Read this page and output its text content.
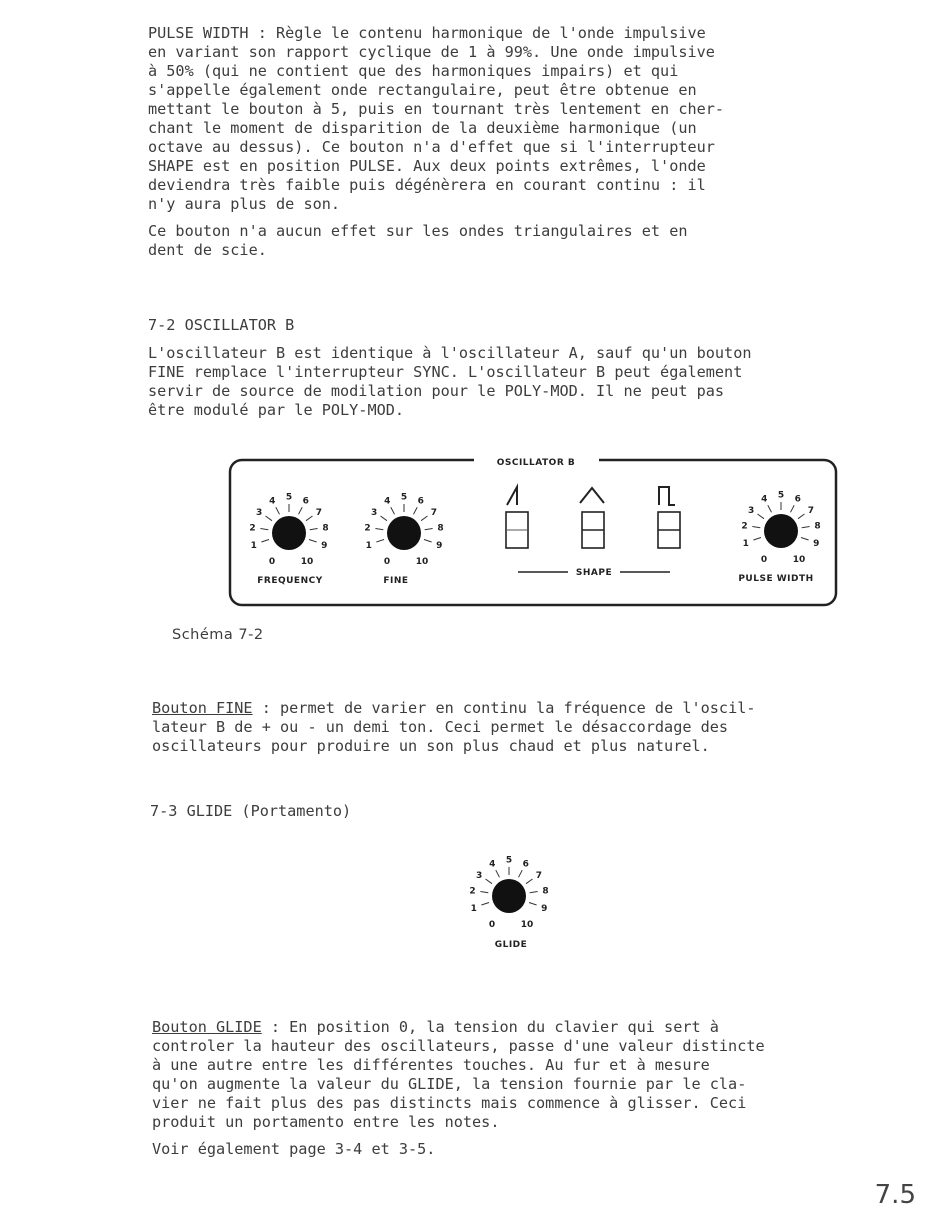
PULSE WIDTH : Règle le contenu harmonique de l'onde impulsive

en variant son rapport cyclique de 1 à 99%. Une onde impulsive

à 50% (qui ne contient que des harmoniques impairs) et qui

s'appelle également onde rectangulaire, peut être obtenue en

mettant le bouton à 5, puis en tournant très lentement en cher-

chant le moment de disparition de la deuxième harmonique (un

octave au dessus). Ce bouton n'a d'effet que si l'interrupteur

SHAPE est en position PULSE. Aux deux points extrêmes, l'onde

deviendra très faible puis dégénèrera en courant continu : il

n'y aura plus de son.

Ce bouton n'a aucun effet sur les ondes triangulaires et en

dent de scie.

7-2 OSCILLATOR B

L'oscillateur B est identique à l'oscillateur A, sauf qu'un bouton

FINE remplace l'interrupteur SYNC. L'oscillateur B peut également

servir de source de modilation pour le POLY-MOD. Il ne peut pas

être modulé par le POLY-MOD.

OSCILLATOR B
0
1
2
3
4 5 6
7
8
9
10
FREQUENCY
0
1
2
3
4 5 6
7
8
9
10
FINE
SHAPE
0
1
2
3
4 5 6
7
8
9
10
PULSE WIDTH

Schéma 7-2

Bouton FINE : permet de varier en continu la fréquence de l'oscil-

lateur B de + ou - un demi ton. Ceci permet le désaccordage des

oscillateurs pour produire un son plus chaud et plus naturel.

7-3 GLIDE (Portamento)

0
1
2
3
4 5 6
7
8
9
10
GLIDE

Bouton GLIDE : En position 0, la tension du clavier qui sert à

controler la hauteur des oscillateurs, passe d'une valeur distincte

à une autre entre les différentes touches. Au fur et à mesure

qu'on augmente la valeur du GLIDE, la tension fournie par le cla-

vier ne fait plus des pas distincts mais commence à glisser. Ceci

produit un portamento entre les notes.

Voir également page 3-4 et 3-5.

7.5
